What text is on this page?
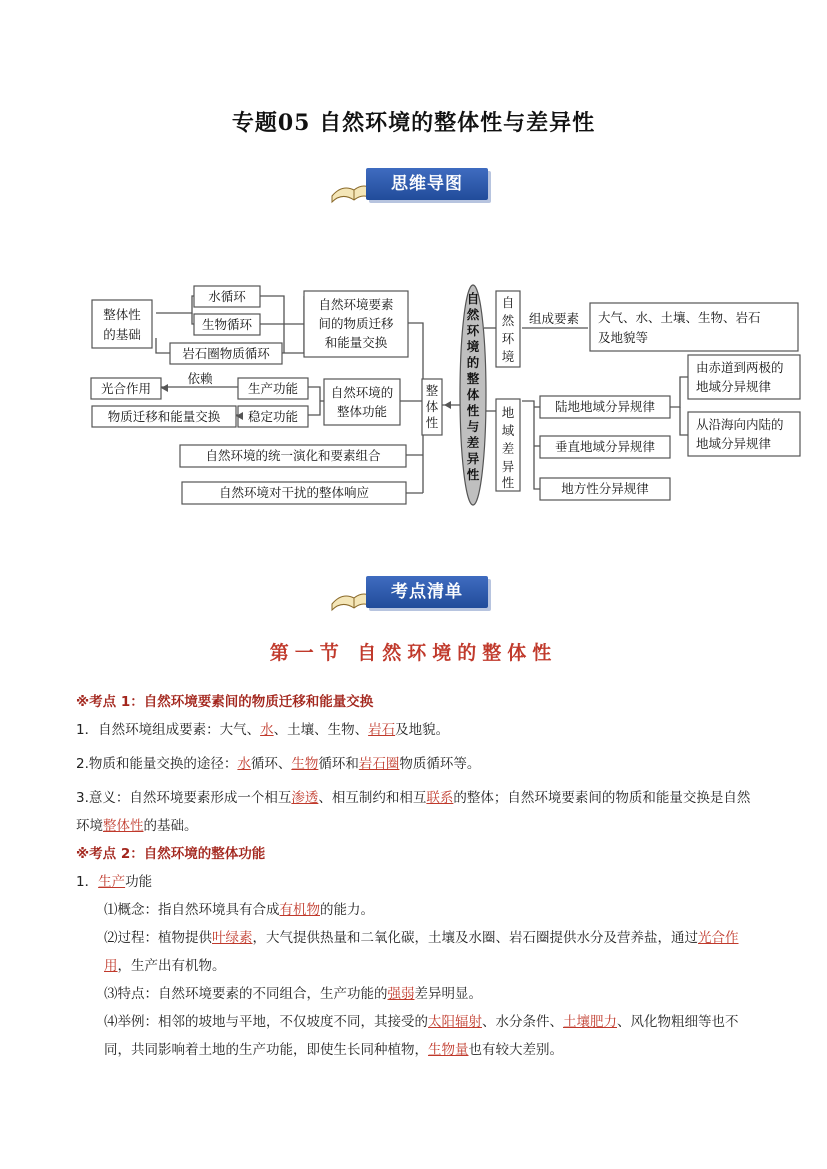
专题05 自然环境的整体性与差异性
思维导图
整体性
的基础
水循环
生物循环
岩石圈物质循环
自然环境要素
间的物质迁移
和能量交换
光合作用
依赖
生产功能
物质迁移和能量交换 稳定功能
自然环境的
整体功能
自然环境的统一演化和要素组合
自然环境对干扰的整体响应
整
体
性
自
然
环
境
的
整
体
性
与
差
异
性
自
然
环
境
组成要素 大气、水、土壤、生物、岩石
及地貌等
地
域
差
异
性
陆地地域分异规律
垂直地域分异规律
地方性分异规律
由赤道到两极的
地域分异规律
从沿海向内陆的
地域分异规律
考点清单
第一节 自然环境的整体性

※考点 1：自然环境要素间的物质迁移和能量交换

1．自然环境组成要素：大气、水、土壤、生物、岩石及地貌。

2.物质和能量交换的途径：水循环、生物循环和岩石圈物质循环等。

3.意义：自然环境要素形成一个相互渗透、相互制约和相互联系的整体；自然环境要素间的物质和能量交换是自然环境整体性的基础。

※考点 2：自然环境的整体功能

1．生产功能

⑴概念：指自然环境具有合成有机物的能力。

⑵过程：植物提供叶绿素，大气提供热量和二氧化碳，土壤及水圈、岩石圈提供水分及营养盐，通过光合作用，生产出有机物。

⑶特点：自然环境要素的不同组合，生产功能的强弱差异明显。

⑷举例：相邻的坡地与平地，不仅坡度不同，其接受的太阳辐射、水分条件、土壤肥力、风化物粗细等也不同，共同影响着土地的生产功能，即使生长同种植物，生物量也有较大差别。
